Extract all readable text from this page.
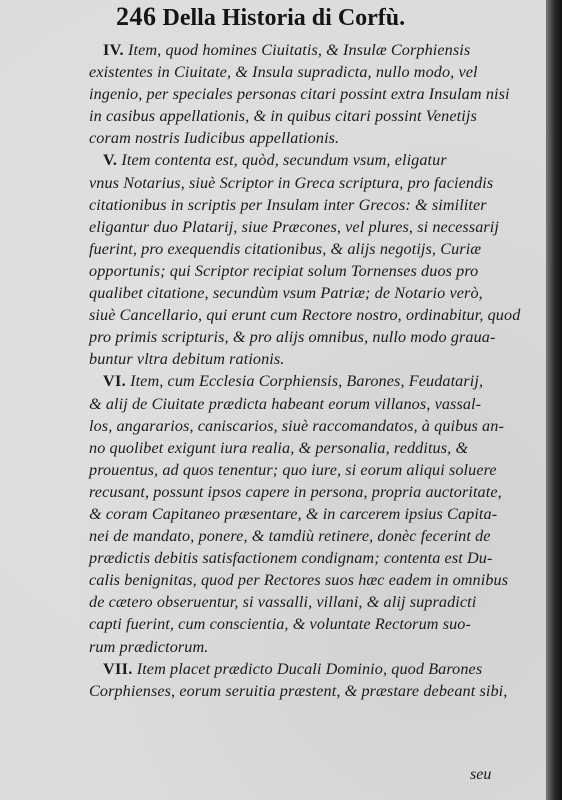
246 Della Historia di Corfù.
IV. Item, quod homines Ciuitatis, & Insulæ Corphiensis
existentes in Ciuitate, & Insula supradicta, nullo modo, vel
ingenio, per speciales personas citari possint extra Insulam nisi
in casibus appellationis, & in quibus citari possint Venetijs
coram nostris Iudicibus appellationis.
V. Item contenta est, quòd, secundum vsum, eligatur
vnus Notarius, siuè Scriptor in Greca scriptura, pro faciendis
citationibus in scriptis per Insulam inter Grecos: & similiter
eligantur duo Platarij, siue Præcones, vel plures, si necessarij
fuerint, pro exequendis citationibus, & alijs negotijs, Curiæ
opportunis; qui Scriptor recipiat solum Tornenses duos pro
qualibet citatione, secundùm vsum Patriæ; de Notario verò,
siuè Cancellario, qui erunt cum Rectore nostro, ordinabitur, quod
pro primis scripturis, & pro alijs omnibus, nullo modo graua-
buntur vltra debitum rationis.
VI. Item, cum Ecclesia Corphiensis, Barones, Feudatarij,
& alij de Ciuitate prædicta habeant eorum villanos, vassal-
los, angararios, caniscarios, siuè raccomandatos, à quibus an-
no quolibet exigunt iura realia, & personalia, redditus, &
prouentus, ad quos tenentur; quo iure, si eorum aliqui soluere
recusant, possunt ipsos capere in persona, propria auctoritate,
& coram Capitaneo præsentare, & in carcerem ipsius Capita-
nei de mandato, ponere, & tamdiù retinere, donèc fecerint de
prædictis debitis satisfactionem condignam; contenta est Du-
calis benignitas, quod per Rectores suos hæc eadem in omnibus
de cætero obseruentur, si vassalli, villani, & alij supradicti
capti fuerint, cum conscientia, & voluntate Rectorum suo-
rum prædictorum.
VII. Item placet prædicto Ducali Dominio, quod Barones
Corphienses, eorum seruitia præstent, & præstare debeant sibi,
seu
